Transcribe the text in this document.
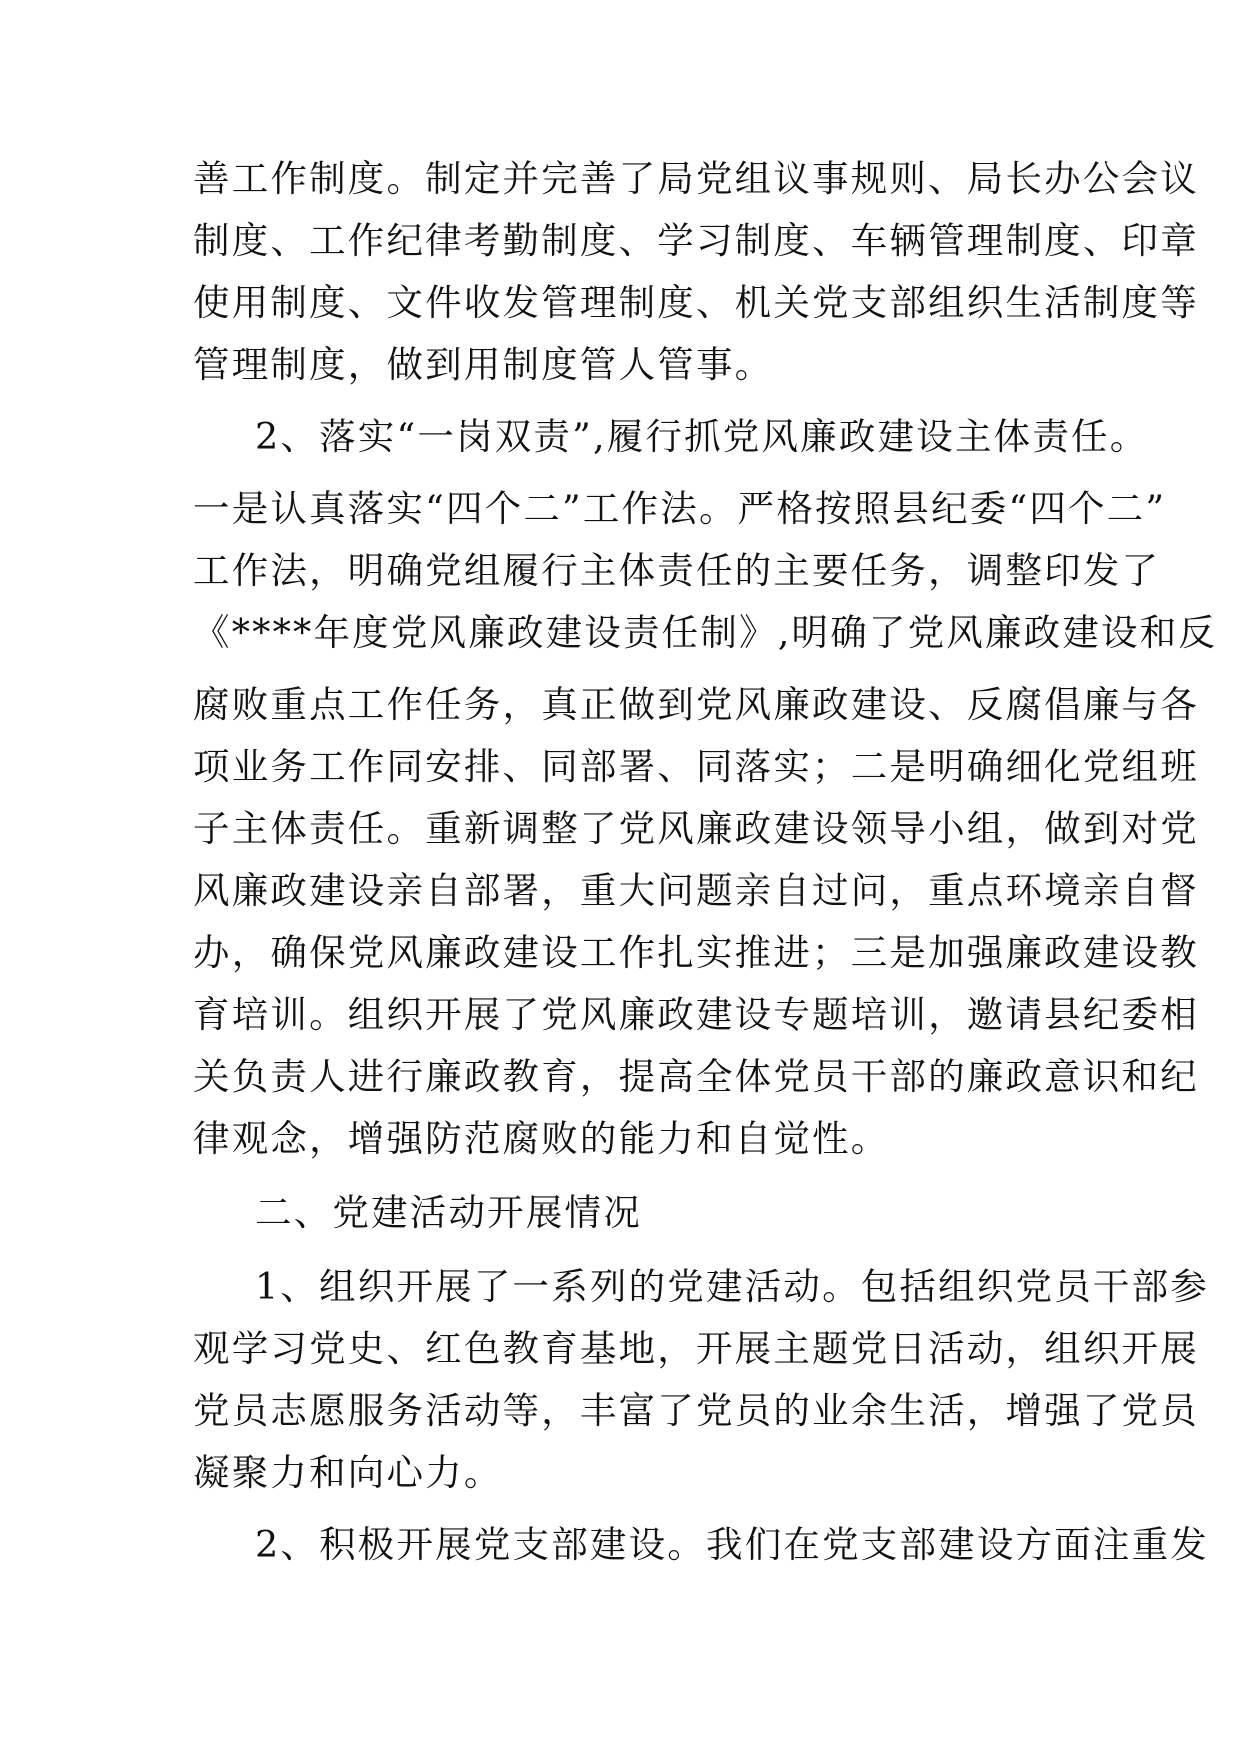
善工作制度。制定并完善了局党组议事规则、局长办公会议
制度、工作纪律考勤制度、学习制度、车辆管理制度、印章
使用制度、文件收发管理制度、机关党支部组织生活制度等
管理制度，做到用制度管人管事。
2、落实“一岗双责”,履行抓党风廉政建设主体责任。
一是认真落实“四个二”工作法。严格按照县纪委“四个二”
工作法，明确党组履行主体责任的主要任务，调整印发了
《****年度党风廉政建设责任制》,明确了党风廉政建设和反
腐败重点工作任务，真正做到党风廉政建设、反腐倡廉与各
项业务工作同安排、同部署、同落实；二是明确细化党组班
子主体责任。重新调整了党风廉政建设领导小组，做到对党
风廉政建设亲自部署，重大问题亲自过问，重点环境亲自督
办，确保党风廉政建设工作扎实推进；三是加强廉政建设教
育培训。组织开展了党风廉政建设专题培训，邀请县纪委相
关负责人进行廉政教育，提高全体党员干部的廉政意识和纪
律观念，增强防范腐败的能力和自觉性。
二、党建活动开展情况
1、组织开展了一系列的党建活动。包括组织党员干部参
观学习党史、红色教育基地，开展主题党日活动，组织开展
党员志愿服务活动等，丰富了党员的业余生活，增强了党员
凝聚力和向心力。
2、积极开展党支部建设。我们在党支部建设方面注重发
